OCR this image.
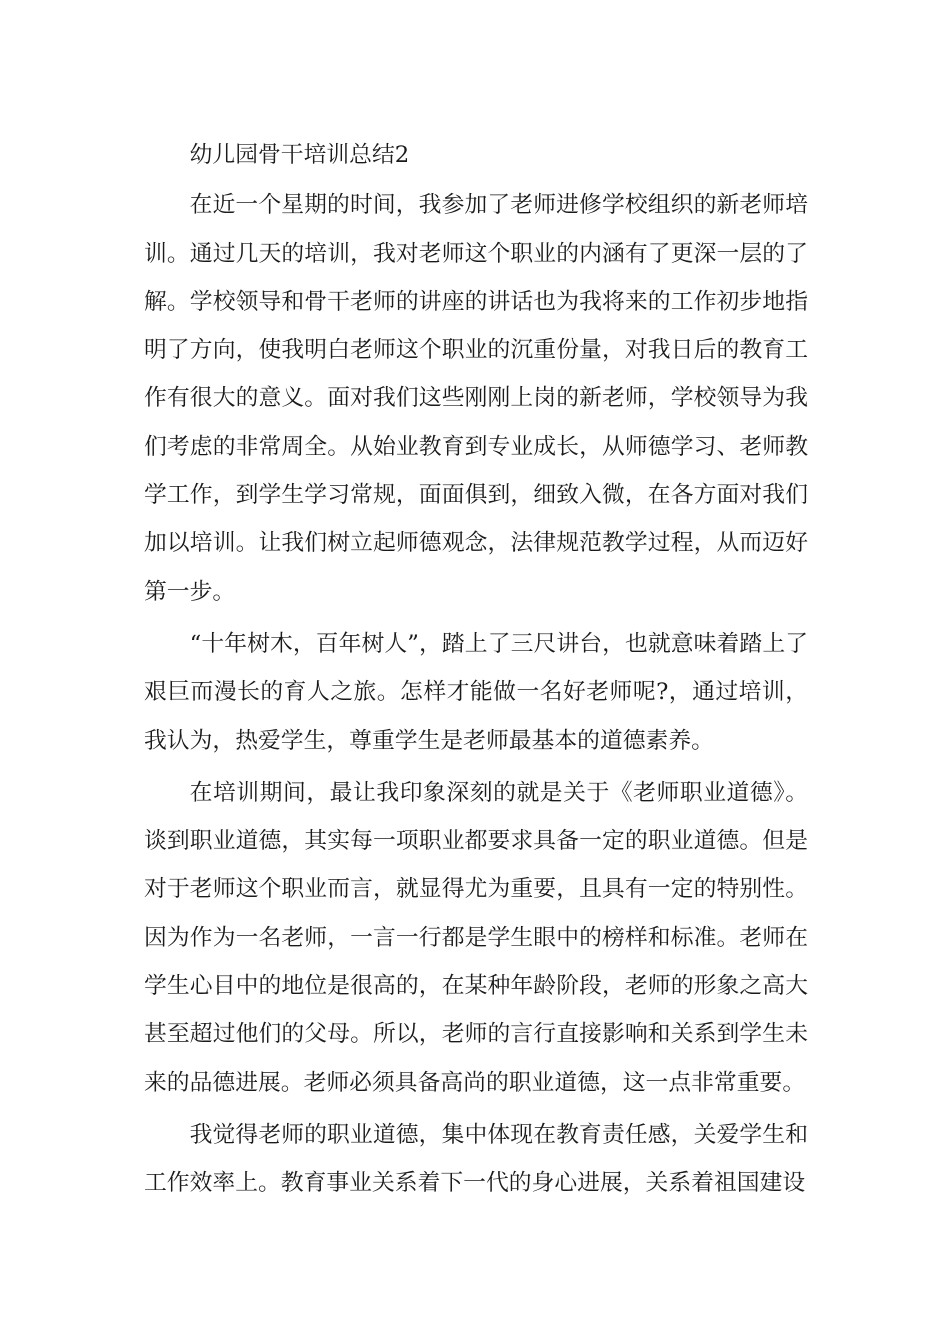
幼儿园骨干培训总结2

在近一个星期的时间，我参加了老师进修学校组织的新老师培训。通过几天的培训，我对老师这个职业的内涵有了更深一层的了解。学校领导和骨干老师的讲座的讲话也为我将来的工作初步地指明了方向，使我明白老师这个职业的沉重份量，对我日后的教育工作有很大的意义。面对我们这些刚刚上岗的新老师，学校领导为我们考虑的非常周全。从始业教育到专业成长，从师德学习、老师教学工作，到学生学习常规，面面俱到，细致入微，在各方面对我们加以培训。让我们树立起师德观念，法律规范教学过程，从而迈好第一步。

“十年树木，百年树人”，踏上了三尺讲台，也就意味着踏上了艰巨而漫长的育人之旅。怎样才能做一名好老师呢?，通过培训，我认为，热爱学生，尊重学生是老师最基本的道德素养。

在培训期间，最让我印象深刻的就是关于《老师职业道德》。谈到职业道德，其实每一项职业都要求具备一定的职业道德。但是对于老师这个职业而言，就显得尤为重要，且具有一定的特别性。因为作为一名老师，一言一行都是学生眼中的榜样和标准。老师在学生心目中的地位是很高的，在某种年龄阶段，老师的形象之高大甚至超过他们的父母。所以，老师的言行直接影响和关系到学生未来的品德进展。老师必须具备高尚的职业道德，这一点非常重要。

我觉得老师的职业道德，集中体现在教育责任感，关爱学生和工作效率上。教育事业关系着下一代的身心进展，关系着祖国建设
